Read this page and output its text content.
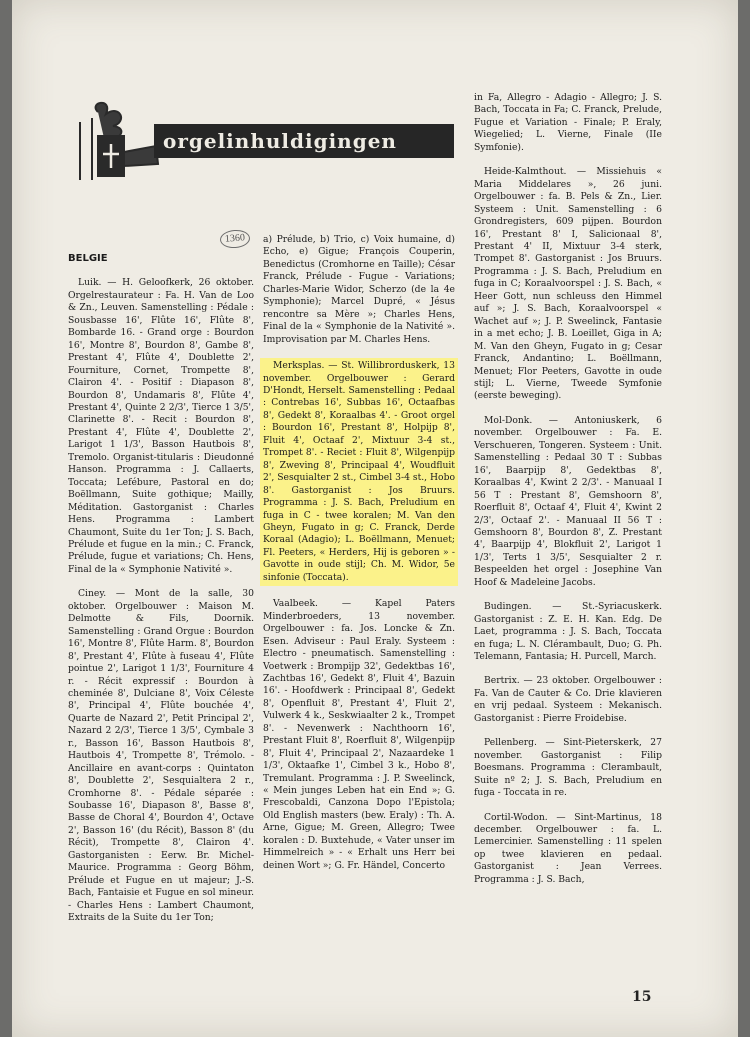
orgelinhuldigingen
1360

BELGIE

Luik. — H. Geloofkerk, 26 oktober. Orgelrestaurateur : Fa. H. Van de Loo & Zn., Leuven. Samenstelling : Pédale : Sousbasse 16', Flûte 16', Flûte 8', Bombarde 16. - Grand orge : Bourdon 16', Montre 8', Bourdon 8', Gambe 8', Prestant 4', Flûte 4', Doublette 2', Fourniture, Cornet, Trompette 8', Clairon 4'. - Positif : Diapason 8', Bourdon 8', Undamaris 8', Flûte 4', Prestant 4', Quinte 2 2/3', Tierce 1 3/5', Clarinette 8'. - Recit : Bourdon 8', Prestant 4', Flûte 4', Doublette 2', Larigot 1 1/3', Basson Hautbois 8', Tremolo. Organist-titularis : Dieudonné Hanson. Programma : J. Callaerts, Toccata; Lefébure, Pastoral en do; Boëllmann, Suite gothique; Mailly, Méditation. Gastorganist : Charles Hens. Programma : Lambert Chaumont, Suite du 1er Ton; J. S. Bach, Prélude et fugue en la min.; C. Franck, Prélude, fugue et variations; Ch. Hens, Final de la « Symphonie Nativité ».

Ciney. — Mont de la salle, 30 oktober. Orgelbouwer : Maison M. Delmotte & Fils, Doornik. Samenstelling : Grand Orgue : Bourdon 16', Montre 8', Flûte Harm. 8', Bourdon 8', Prestant 4', Flûte à fuseau 4', Flûte pointue 2', Larigot 1 1/3', Fourniture 4 r. - Récit expressif : Bourdon à cheminée 8', Dulciane 8', Voix Céleste 8', Principal 4', Flûte bouchée 4', Quarte de Nazard 2', Petit Principal 2', Nazard 2 2/3', Tierce 1 3/5', Cymbale 3 r., Basson 16', Basson Hautbois 8', Hautbois 4', Trompette 8', Trémolo. - Ancillaire en avant-corps : Quintaton 8', Doublette 2', Sesquialtera 2 r., Cromhorne 8'. - Pédale séparée : Soubasse 16', Diapason 8', Basse 8', Basse de Choral 4', Bourdon 4', Octave 2', Basson 16' (du Récit), Basson 8' (du Récit), Trompette 8', Clairon 4'. Gastorganisten : Eerw. Br. Michel-Maurice. Programma : Georg Böhm, Prélude et Fugue en ut majeur; J.-S. Bach, Fantaisie et Fugue en sol mineur. - Charles Hens : Lambert Chaumont, Extraits de la Suite du 1er Ton;

a) Prélude, b) Trio, c) Voix humaine, d) Echo, e) Gigue; François Couperin, Benedictus (Cromhorne en Taille); César Franck, Prélude - Fugue - Variations; Charles-Marie Widor, Scherzo (de la 4e Symphonie); Marcel Dupré, « Jésus rencontre sa Mère »; Charles Hens, Final de la « Symphonie de la Nativité ». Improvisation par M. Charles Hens.

Merksplas. — St. Willibrorduskerk, 13 november. Orgelbouwer : Gerard D'Hondt, Herselt. Samenstelling : Pedaal : Contrebas 16', Subbas 16', Octaafbas 8', Gedekt 8', Koraalbas 4'. - Groot orgel : Bourdon 16', Prestant 8', Holpijp 8', Fluit 4', Octaaf 2', Mixtuur 3-4 st., Trompet 8'. - Reciet : Fluit 8', Wilgenpijp 8', Zweving 8', Principaal 4', Woudfluit 2', Sesquialter 2 st., Cimbel 3-4 st., Hobo 8'. Gastorganist : Jos Bruurs. Programma : J. S. Bach, Preludium en fuga in C - twee koralen; M. Van den Gheyn, Fugato in g; C. Franck, Derde Koraal (Adagio); L. Boëllmann, Menuet; Fl. Peeters, « Herders, Hij is geboren » - Gavotte in oude stijl; Ch. M. Widor, 5e sinfonie (Toccata).

Vaalbeek. — Kapel Paters Minderbroeders, 13 november. Orgelbouwer : fa. Jos. Loncke & Zn. Esen. Adviseur : Paul Eraly. Systeem : Electro - pneumatisch. Samenstelling : Voetwerk : Brompijp 32', Gedektbas 16', Zachtbas 16', Gedekt 8', Fluit 4', Bazuin 16'. - Hoofdwerk : Principaal 8', Gedekt 8', Openfluit 8', Prestant 4', Fluit 2', Vulwerk 4 k., Seskwiaalter 2 k., Trompet 8'. - Nevenwerk : Nachthoorn 16', Prestant Fluit 8', Roerfluit 8', Wilgenpijp 8', Fluit 4', Principaal 2', Nazaardeke 1 1/3', Oktaafke 1', Cimbel 3 k., Hobo 8', Tremulant. Programma : J. P. Sweelinck, « Mein junges Leben hat ein End »; G. Frescobaldi, Canzona Dopo l'Epistola; Old English masters (bew. Eraly) : Th. A. Arne, Gigue; M. Green, Allegro; Twee koralen : D. Buxtehude, « Vater unser im Himmelreich » - « Erhalt uns Herr bei deinen Wort »; G. Fr. Händel, Concerto

in Fa, Allegro - Adagio - Allegro; J. S. Bach, Toccata in Fa; C. Franck, Prelude, Fugue et Variation - Finale; P. Eraly, Wiegelied; L. Vierne, Finale (IIe Symfonie).

Heide-Kalmthout. — Missiehuis « Maria Middelares », 26 juni. Orgelbouwer : fa. B. Pels & Zn., Lier. Systeem : Unit. Samenstelling : 6 Grondregisters, 609 pijpen. Bourdon 16', Prestant 8' I, Salicionaal 8', Prestant 4' II, Mixtuur 3-4 sterk, Trompet 8'. Gastorganist : Jos Bruurs. Programma : J. S. Bach, Preludium en fuga in C; Koraalvoorspel : J. S. Bach, « Heer Gott, nun schleuss den Himmel auf »; J. S. Bach, Koraalvoorspel « Wachet auf »; J. P. Sweelinck, Fantasie in a met echo; J. B. Loeillet, Giga in A; M. Van den Gheyn, Fugato in g; Cesar Franck, Andantino; L. Boëllmann, Menuet; Flor Peeters, Gavotte in oude stijl; L. Vierne, Tweede Symfonie (eerste beweging).

Mol-Donk. — Antoniuskerk, 6 november. Orgelbouwer : Fa. E. Verschueren, Tongeren. Systeem : Unit. Samenstelling : Pedaal 30 T : Subbas 16', Baarpijp 8', Gedektbas 8', Koraalbas 4', Kwint 2 2/3'. - Manuaal I 56 T : Prestant 8', Gemshoorn 8', Roerfluit 8', Octaaf 4', Fluit 4', Kwint 2 2/3', Octaaf 2'. - Manuaal II 56 T : Gemshoorn 8', Bourdon 8', Z. Prestant 4', Baarpijp 4', Blokfluit 2', Larigot 1 1/3', Terts 1 3/5', Sesquialter 2 r. Bespeelden het orgel : Josephine Van Hoof & Madeleine Jacobs.

Budingen. — St.-Syriacuskerk. Gastorganist : Z. E. H. Kan. Edg. De Laet, programma : J. S. Bach, Toccata en fuga; L. N. Clérambault, Duo; G. Ph. Telemann, Fantasia; H. Purcell, March.

Bertrix. — 23 oktober. Orgelbouwer : Fa. Van de Cauter & Co. Drie klavieren en vrij pedaal. Systeem : Mekanisch. Gastorganist : Pierre Froidebise.

Pellenberg. — Sint-Pieterskerk, 27 november. Gastorganist : Filip Boesmans. Programma : Clerambault, Suite nº 2; J. S. Bach, Preludium en fuga - Toccata in re.

Cortil-Wodon. — Sint-Martinus, 18 december. Orgelbouwer : fa. L. Lemercinier. Samenstelling : 11 spelen op twee klavieren en pedaal. Gastorganist : Jean Verrees. Programma : J. S. Bach,

15
